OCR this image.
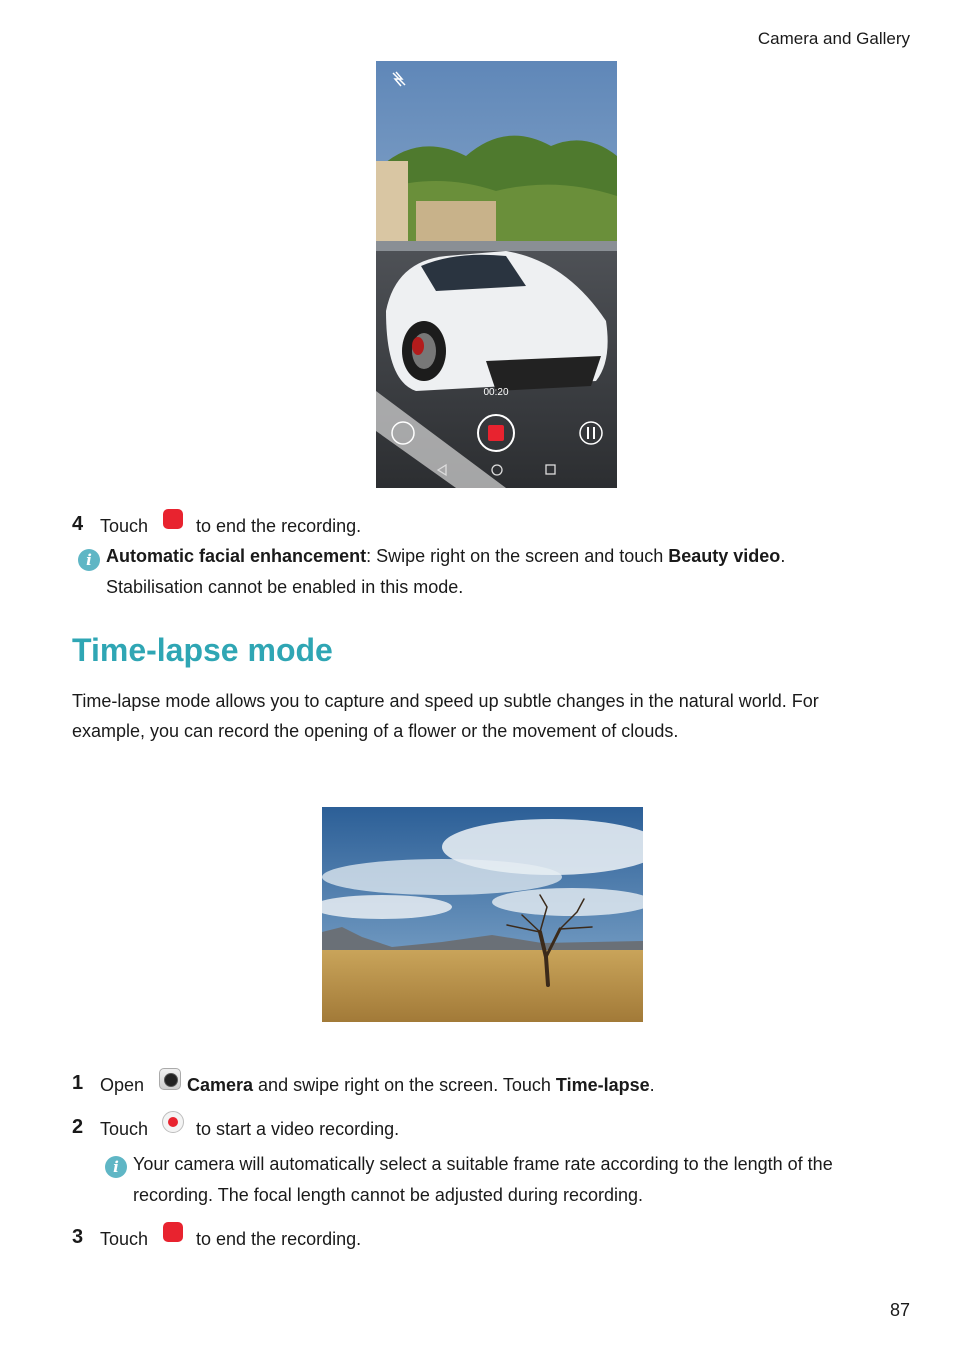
Camera and Gallery
00:20
4 Touch	to end the recording.
i Automatic facial enhancement: Swipe right on the screen and touch Beauty video.
Stabilisation cannot be enabled in this mode.
Time-lapse mode
Time-lapse mode allows you to capture and speed up subtle changes in the natural world. For
example, you can record the opening of a flower or the movement of clouds.
1 Open Camera and swipe right on the screen. Touch Time-lapse.
2 Touch	to start a video recording.
i Your camera will automatically select a suitable frame rate according to the length of the
recording. The focal length cannot be adjusted during recording.
3 Touch	to end the recording.
87
